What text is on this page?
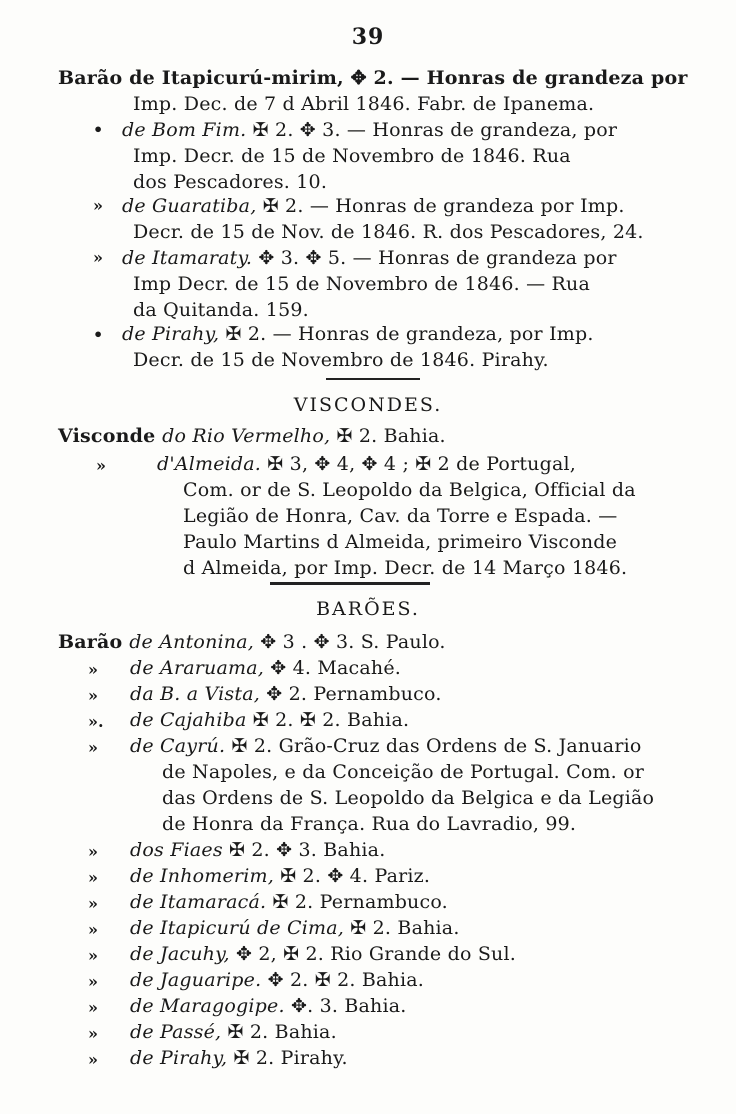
39
Barão de Itapicurú-mirim, ✥ 2. — Honras de grandeza por
Imp. Dec. de 7 d Abril 1846. Fabr. de Ipanema.
• de Bom Fim. ✠ 2. ✥ 3. — Honras de grandeza, por
Imp. Decr. de 15 de Novembro de 1846. Rua
dos Pescadores. 10.
» de Guaratiba, ✠ 2. — Honras de grandeza por Imp.
Decr. de 15 de Nov. de 1846. R. dos Pescadores, 24.
» de Itamaraty. ✥ 3. ✥ 5. — Honras de grandeza por
Imp Decr. de 15 de Novembro de 1846. — Rua
da Quitanda. 159.
• de Pirahy, ✠ 2. — Honras de grandeza, por Imp.
Decr. de 15 de Novembro de 1846. Pirahy.
VISCONDES.
Visconde do Rio Vermelho, ✠ 2. Bahia.
»	d'Almeida. ✠ 3, ✥ 4, ✥ 4 ; ✠ 2 de Portugal,
Com. or de S. Leopoldo da Belgica, Official da
Legião de Honra, Cav. da Torre e Espada. —
Paulo Martins d Almeida, primeiro Visconde
d Almeida, por Imp. Decr. de 14 Março 1846.
BARÕES.
Barão de Antonina, ✥ 3 . ✥ 3. S. Paulo.
» de Araruama, ✥ 4. Macahé.
» da B. a Vista, ✥ 2. Pernambuco.
». de Cajahiba ✠ 2. ✠ 2. Bahia.
» de Cayrú. ✠ 2. Grão-Cruz das Ordens de S. Januario
de Napoles, e da Conceição de Portugal. Com. or
das Ordens de S. Leopoldo da Belgica e da Legião
de Honra da França. Rua do Lavradio, 99.
» dos Fiaes ✠ 2. ✥ 3. Bahia.
» de Inhomerim, ✠ 2. ✥ 4. Pariz.
» de Itamaracá. ✠ 2. Pernambuco.
» de Itapicurú de Cima, ✠ 2. Bahia.
» de Jacuhy, ✥ 2, ✠ 2. Rio Grande do Sul.
» de Jaguaripe. ✥ 2. ✠ 2. Bahia.
» de Maragogipe. ✥. 3. Bahia.
» de Passé, ✠ 2. Bahia.
» de Pirahy, ✠ 2. Pirahy.
